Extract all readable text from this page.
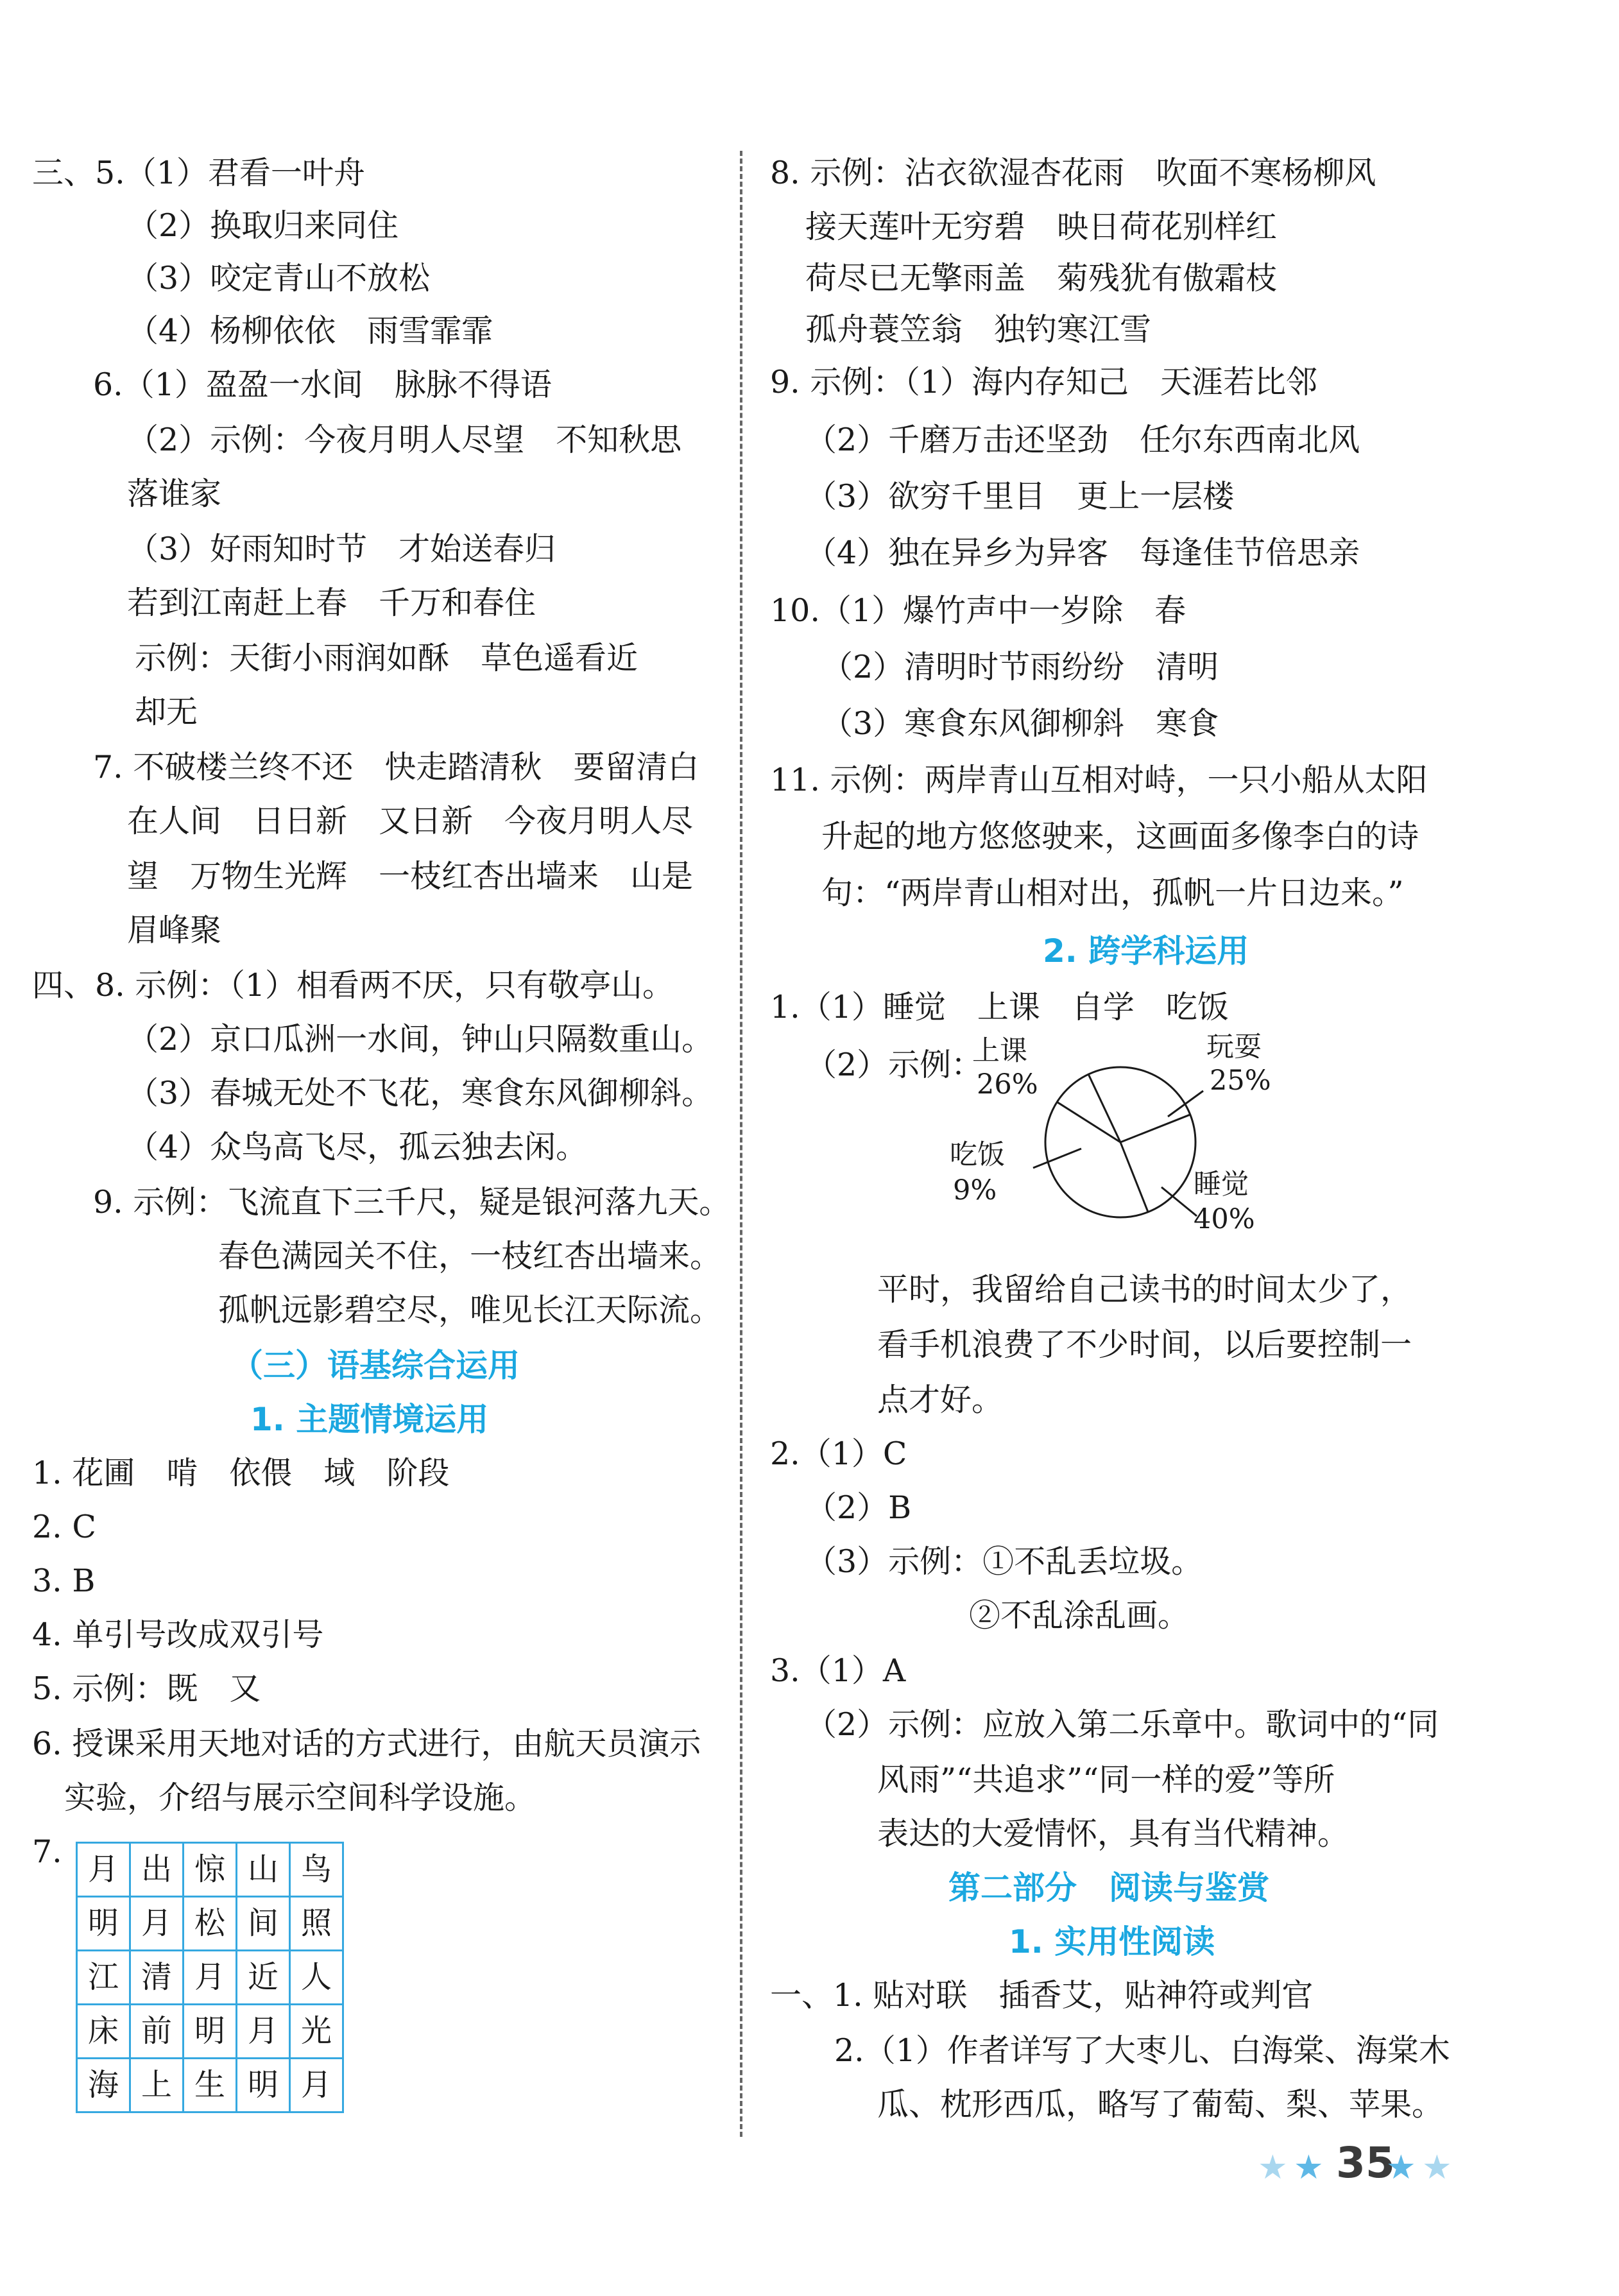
三、5.（1）君看一叶舟
（2）换取归来同住
（3）咬定青山不放松
（4）杨柳依依　雨雪霏霏
6.（1）盈盈一水间　脉脉不得语
（2）示例：今夜月明人尽望　不知秋思
落谁家
（3）好雨知时节　才始送春归
若到江南赶上春　千万和春住
示例：天街小雨润如酥　草色遥看近
却无
7. 不破楼兰终不还　快走踏清秋　要留清白
在人间　日日新　又日新　今夜月明人尽
望　万物生光辉　一枝红杏出墙来　山是
眉峰聚
四、8. 示例：（1）相看两不厌，只有敬亭山。
（2）京口瓜洲一水间，钟山只隔数重山。
（3）春城无处不飞花，寒食东风御柳斜。
（4）众鸟高飞尽，孤云独去闲。
9. 示例：飞流直下三千尺，疑是银河落九天。
春色满园关不住，一枝红杏出墙来。
孤帆远影碧空尽，唯见长江天际流。
（三）语基综合运用
1. 主题情境运用
1. 花圃　啃　依偎　域　阶段
2. C
3. B
4. 单引号改成双引号
5. 示例：既　又
6. 授课采用天地对话的方式进行，由航天员演示
实验，介绍与展示空间科学设施。
7. 月	出	惊	山	鸟
明	月	松	间	照
江	清	月	近	人
床	前	明	月	光
海	上	生	明	月
8. 示例：沾衣欲湿杏花雨　吹面不寒杨柳风
接天莲叶无穷碧　映日荷花别样红
荷尽已无擎雨盖　菊残犹有傲霜枝
孤舟蓑笠翁　独钓寒江雪
9. 示例：（1）海内存知己　天涯若比邻
（2）千磨万击还坚劲　任尔东西南北风
（3）欲穷千里目　更上一层楼
（4）独在异乡为异客　每逢佳节倍思亲
10.（1）爆竹声中一岁除　春
（2）清明时节雨纷纷　清明
（3）寒食东风御柳斜　寒食
11. 示例：两岸青山互相对峙，一只小船从太阳
升起的地方悠悠驶来，这画面多像李白的诗
句：“两岸青山相对出，孤帆一片日边来。”
2. 跨学科运用
1.（1）睡觉　上课　自学　吃饭
（2）示例：
上课
26%
玩耍
25%
吃饭
9%	睡觉
40%
平时，我留给自己读书的时间太少了，
看手机浪费了不少时间，以后要控制一
点才好。
2.（1）C
（2）B
（3）示例：①不乱丢垃圾。
②不乱涂乱画。
3.（1）A
（2）示例：应放入第二乐章中。歌词中的“同
风雨”“共追求”“同一样的爱”等所
表达的大爱情怀，具有当代精神。
第二部分　阅读与鉴赏
1. 实用性阅读
一、1. 贴对联　插香艾，贴神符或判官
2.（1）作者详写了大枣儿、白海棠、海棠木
瓜、枕形西瓜，略写了葡萄、梨、苹果。
★ ★ 35
★ ★
